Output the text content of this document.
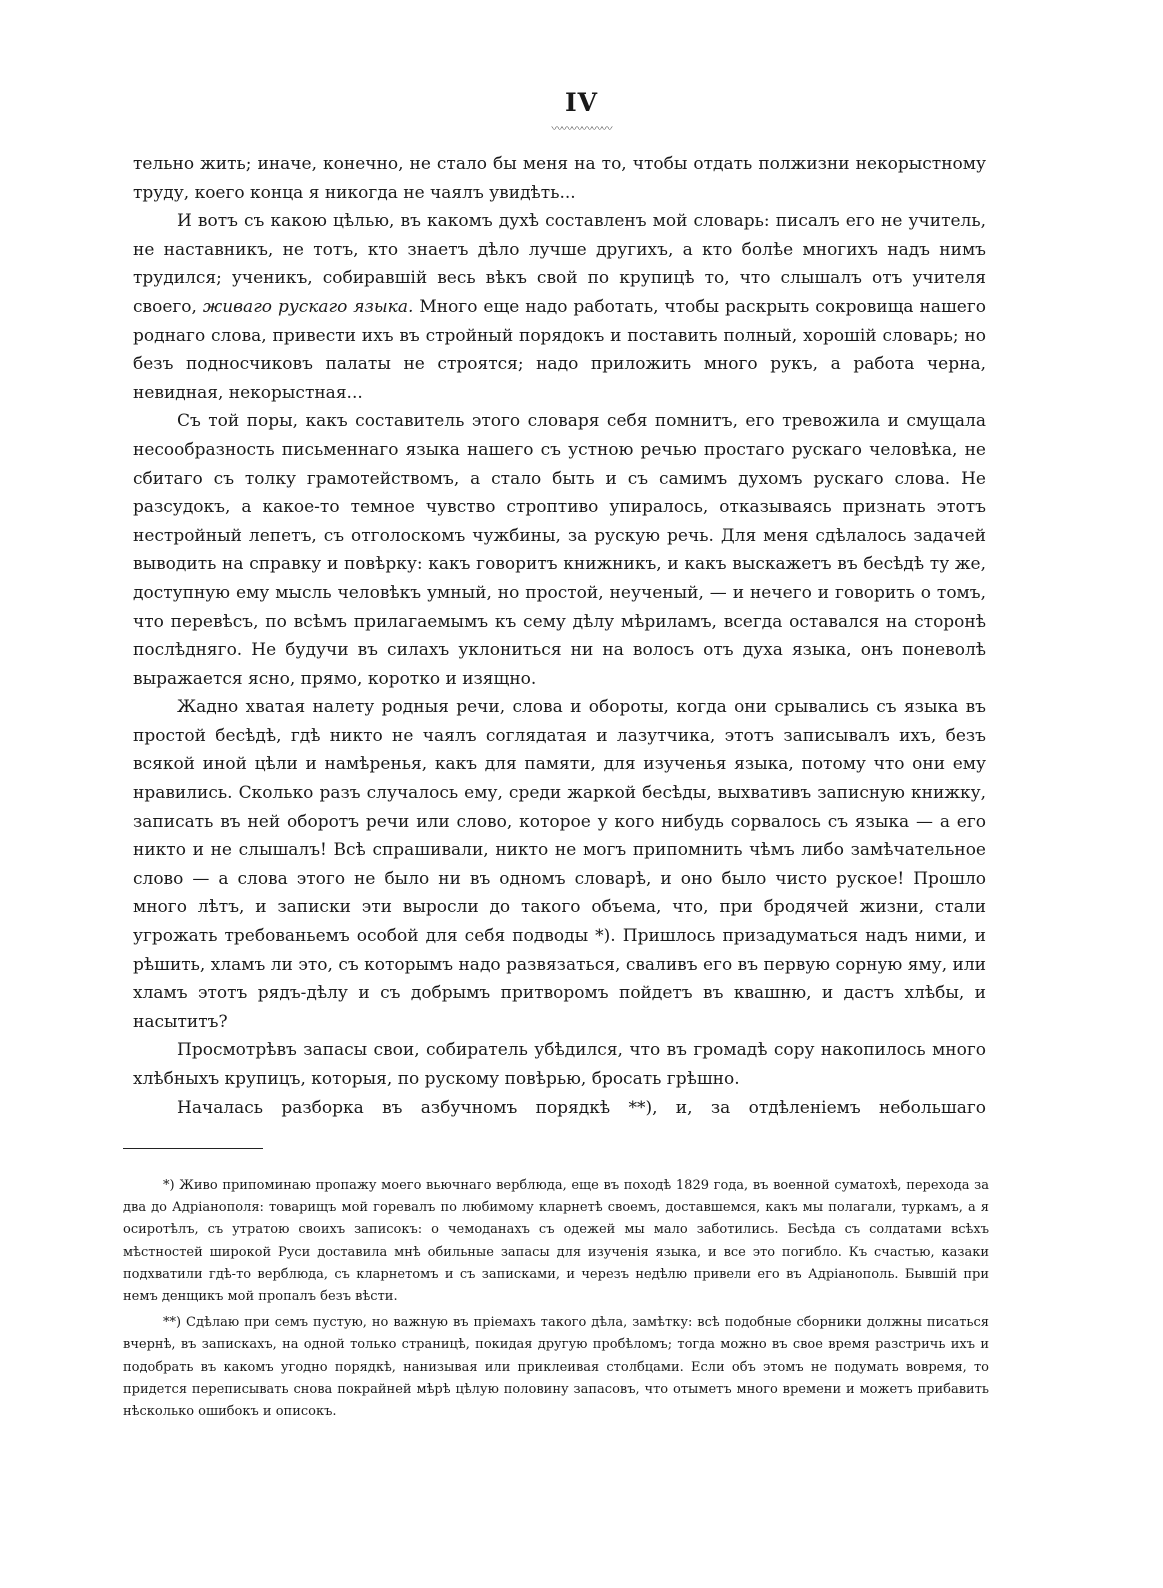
IV
〰〰〰〰〰〰

тельно жить; иначе, конечно, не стало бы меня на то, чтобы отдать полжизни некорыстному труду, коего конца я никогда не чаялъ увидѣть...

И вотъ съ какою цѣлью, въ какомъ духѣ составленъ мой словарь: писалъ его не учитель, не наставникъ, не тотъ, кто знаетъ дѣло лучше другихъ, а кто болѣе многихъ надъ нимъ трудился; ученикъ, собиравшій весь вѣкъ свой по крупицѣ то, что слышалъ отъ учителя своего, живаго рускаго языка. Много еще надо работать, чтобы раскрыть сокровища нашего роднаго слова, привести ихъ въ стройный порядокъ и поставить полный, хорошій словарь; но безъ подносчиковъ палаты не строятся; надо приложить много рукъ, а работа черна, невидная, некорыстная...

Съ той поры, какъ составитель этого словаря себя помнитъ, его тревожила и смущала несообразность письменнаго языка нашего съ устною речью простаго рускаго человѣка, не сбитаго съ толку грамотействомъ, а стало быть и съ самимъ духомъ рускаго слова. Не разсудокъ, а какое-то темное чувство строптиво упиралось, отказываясь признать этотъ нестройный лепетъ, съ отголоскомъ чужбины, за рускую речь. Для меня сдѣлалось задачей выводить на справку и повѣрку: какъ говоритъ книжникъ, и какъ выскажетъ въ бесѣдѣ ту же, доступную ему мысль человѣкъ умный, но простой, неученый, — и нечего и говорить о томъ, что перевѣсъ, по всѣмъ прилагаемымъ къ сему дѣлу мѣриламъ, всегда оставался на сторонѣ послѣдняго. Не будучи въ силахъ уклониться ни на волосъ отъ духа языка, онъ поневолѣ выражается ясно, прямо, коротко и изящно.

Жадно хватая налету родныя речи, слова и обороты, когда они срывались съ языка въ простой бесѣдѣ, гдѣ никто не чаялъ соглядатая и лазутчика, этотъ записывалъ ихъ, безъ всякой иной цѣли и намѣренья, какъ для памяти, для изученья языка, потому что они ему нравились. Сколько разъ случалось ему, среди жаркой бесѣды, выхвативъ записную книжку, записать въ ней оборотъ речи или слово, которое у кого нибудь сорвалось съ языка — а его никто и не слышалъ! Всѣ спрашивали, никто не могъ припомнить чѣмъ либо замѣчательное слово — а слова этого не было ни въ одномъ словарѣ, и оно было чисто руское! Прошло много лѣтъ, и записки эти выросли до такого объема, что, при бродячей жизни, стали угрожать требованьемъ особой для себя подводы *). Пришлось призадуматься надъ ними, и рѣшить, хламъ ли это, съ которымъ надо развязаться, сваливъ его въ первую сорную яму, или хламъ этотъ рядъ-дѣлу и съ добрымъ притворомъ пойдетъ въ квашню, и дастъ хлѣбы, и насытитъ?

Просмотрѣвъ запасы свои, собиратель убѣдился, что въ громадѣ сору накопилось много хлѣбныхъ крупицъ, которыя, по рускому повѣрью, бросать грѣшно.

Началась разборка въ азбучномъ порядкѣ **), и, за отдѣленіемъ небольшаго

*) Живо припоминаю пропажу моего вьючнаго верблюда, еще въ походѣ 1829 года, въ военной суматохѣ, перехода за два до Адріанополя: товарищъ мой горевалъ по любимому кларнетѣ своемъ, доставшемся, какъ мы полагали, туркамъ, а я осиротѣлъ, съ утратою своихъ записокъ: о чемоданахъ съ одежей мы мало заботились. Бесѣда съ солдатами всѣхъ мѣстностей широкой Руси доставила мнѣ обильные запасы для изученія языка, и все это погибло. Къ счастью, казаки подхватили гдѣ-то верблюда, съ кларнетомъ и съ записками, и черезъ недѣлю привели его въ Адріанополь. Бывшій при немъ денщикъ мой пропалъ безъ вѣсти.

**) Сдѣлаю при семъ пустую, но важную въ пріемахъ такого дѣла, замѣтку: всѣ подобные сборники должны писаться вчернѣ, въ запискахъ, на одной только страницѣ, покидая другую пробѣломъ; тогда можно въ свое время разстричь ихъ и подобрать въ какомъ угодно порядкѣ, нанизывая или приклеивая столбцами. Если объ этомъ не подумать вовремя, то придется переписывать снова покрайней мѣрѣ цѣлую половину запасовъ, что отыметъ много времени и можетъ прибавить нѣсколько ошибокъ и описокъ.
